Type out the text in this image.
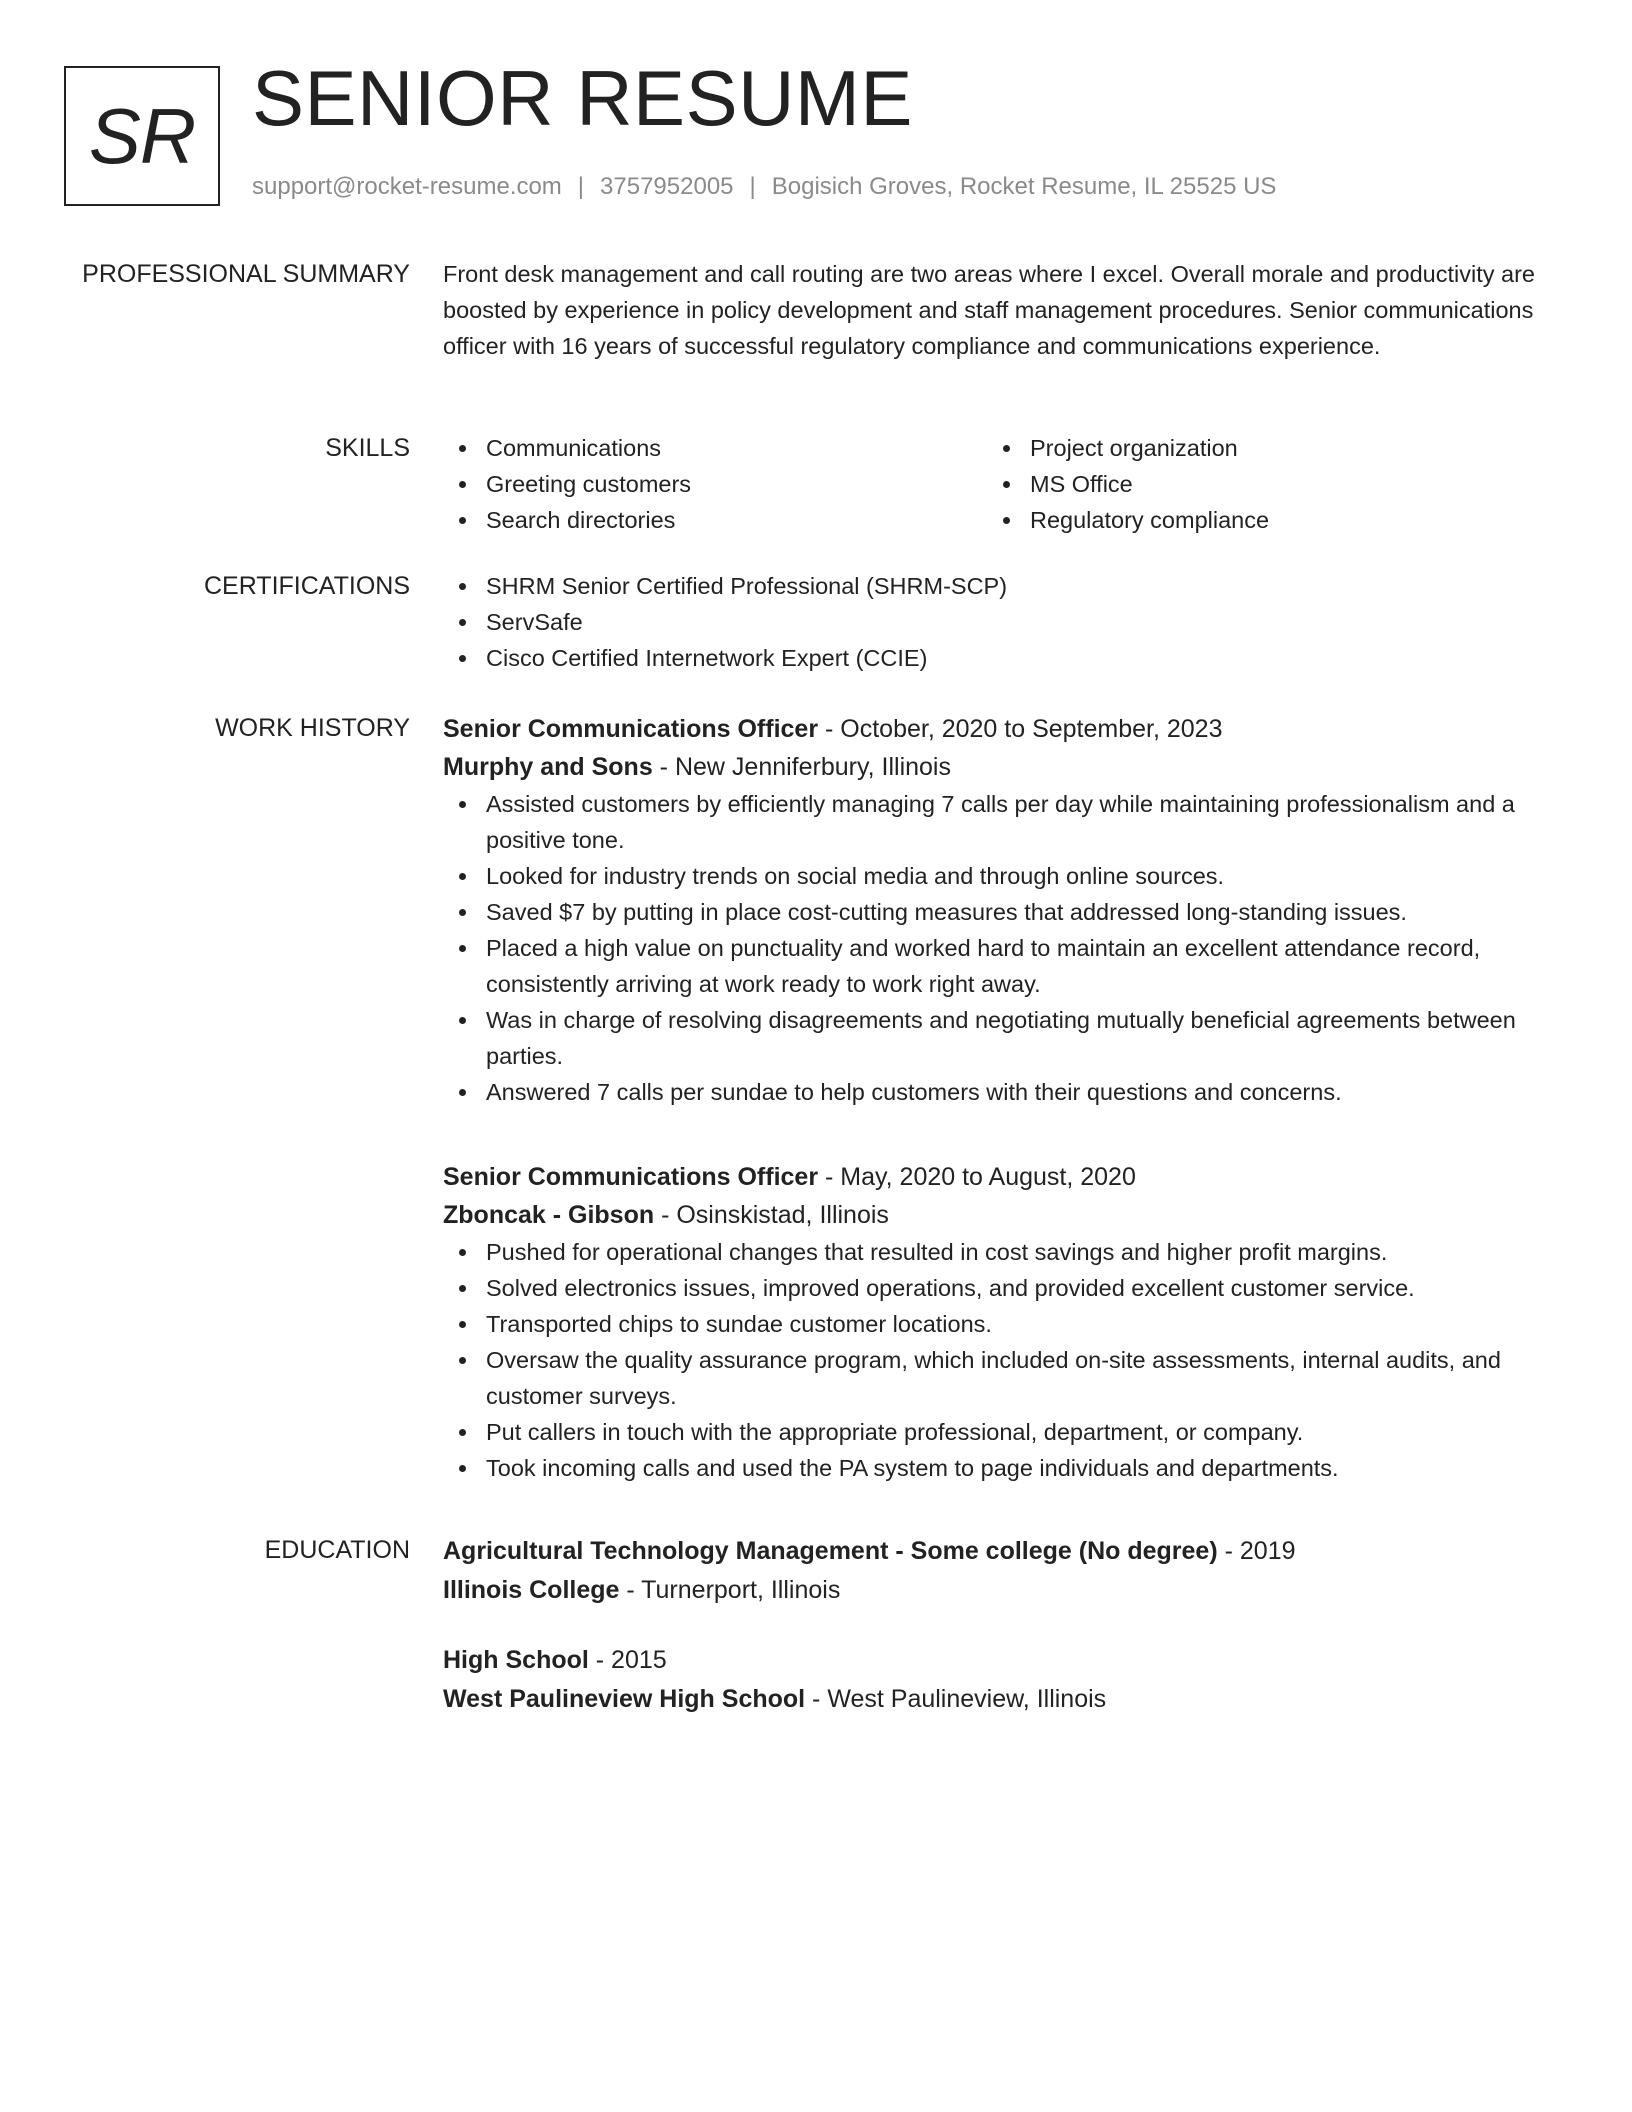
SR SENIOR RESUME
support@rocket-resume.com | 3757952005 | Bogisich Groves, Rocket Resume, IL 25525 US
PROFESSIONAL SUMMARY Front desk management and call routing are two areas where I excel. Overall morale and productivity are boosted by experience in policy development and staff management procedures. Senior communications officer with 16 years of successful regulatory compliance and communications experience.
SKILLS	Communications
Greeting customers
Search directories
Project organization
MS Office
Regulatory compliance
CERTIFICATIONS	SHRM Senior Certified Professional (SHRM-SCP)
ServSafe
Cisco Certified Internetwork Expert (CCIE)
WORK HISTORY Senior Communications Officer - October, 2020 to September, 2023
Murphy and Sons - New Jenniferbury, Illinois
Assisted customers by efficiently managing 7 calls per day while maintaining professionalism and a positive tone.
Looked for industry trends on social media and through online sources.
Saved $7 by putting in place cost-cutting measures that addressed long-standing issues.
Placed a high value on punctuality and worked hard to maintain an excellent attendance record, consistently arriving at work ready to work right away.
Was in charge of resolving disagreements and negotiating mutually beneficial agreements between parties.
Answered 7 calls per sundae to help customers with their questions and concerns.
Senior Communications Officer - May, 2020 to August, 2020
Zboncak - Gibson - Osinskistad, Illinois
Pushed for operational changes that resulted in cost savings and higher profit margins.
Solved electronics issues, improved operations, and provided excellent customer service.
Transported chips to sundae customer locations.
Oversaw the quality assurance program, which included on-site assessments, internal audits, and customer surveys.
Put callers in touch with the appropriate professional, department, or company.
Took incoming calls and used the PA system to page individuals and departments.
EDUCATION Agricultural Technology Management - Some college (No degree) - 2019
Illinois College - Turnerport, Illinois
High School - 2015
West Paulineview High School - West Paulineview, Illinois
